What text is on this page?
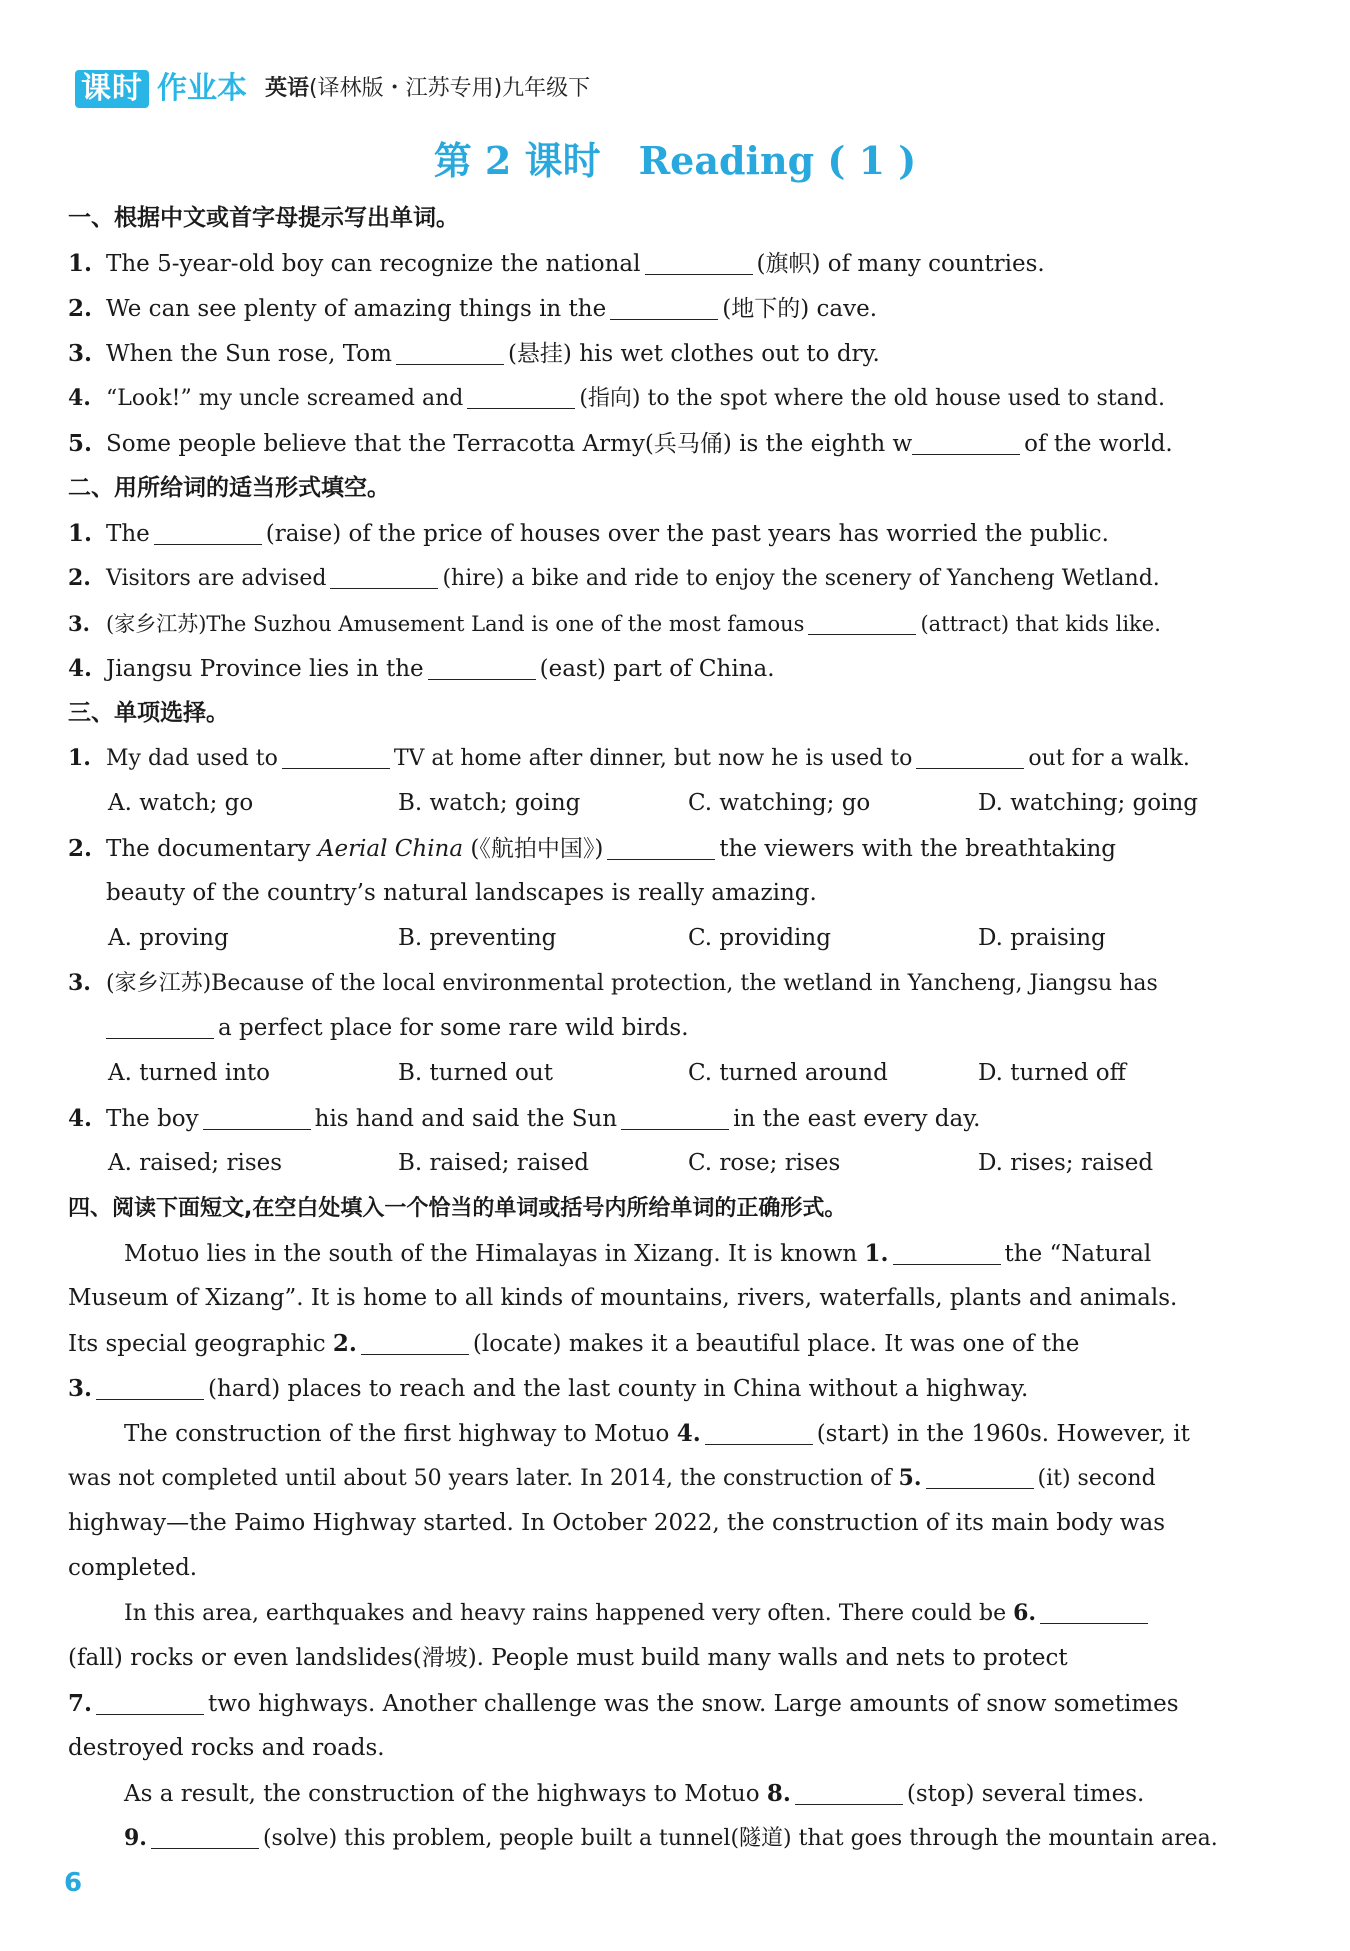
课时 作业本 英语(译林版・江苏专用)九年级下
第 2 课时　Reading ( 1 )
一、根据中文或首字母提示写出单词。
1. The 5-year-old boy can recognize the national	(旗帜) of many countries.
2. We can see plenty of amazing things in the	(地下的) cave.
3. When the Sun rose, Tom	(悬挂) his wet clothes out to dry.
4. “Look!” my uncle screamed and	(指向) to the spot where the old house used to stand.
5. Some people believe that the Terracotta Army(兵马俑) is the eighth w	of the world.
二、用所给词的适当形式填空。
1. The	(raise) of the price of houses over the past years has worried the public.
2. Visitors are advised	(hire) a bike and ride to enjoy the scenery of Yancheng Wetland.
3. (家乡江苏)The Suzhou Amusement Land is one of the most famous	(attract) that kids like.
4. Jiangsu Province lies in the	(east) part of China.
三、单项选择。
1. My dad used to	TV at home after dinner, but now he is used to	out for a walk.
A. watch; go	B. watch; going	C. watching; go	D. watching; going
2. The documentary Aerial China (《航拍中国》)	the viewers with the breathtaking
beauty of the country’s natural landscapes is really amazing.
A. proving	B. preventing	C. providing	D. praising
3. (家乡江苏)Because of the local environmental protection, the wetland in Yancheng, Jiangsu has
a perfect place for some rare wild birds.
A. turned into	B. turned out	C. turned around	D. turned off
4. The boy	his hand and said the Sun	in the east every day.
A. raised; rises	B. raised; raised	C. rose; rises	D. rises; raised
四、阅读下面短文,在空白处填入一个恰当的单词或括号内所给单词的正确形式。
Motuo lies in the south of the Himalayas in Xizang. It is known 1.	the “Natural
Museum of Xizang”. It is home to all kinds of mountains, rivers, waterfalls, plants and animals.
Its special geographic 2.	(locate) makes it a beautiful place. It was one of the
3.	(hard) places to reach and the last county in China without a highway.
The construction of the first highway to Motuo 4.	(start) in the 1960s. However, it
was not completed until about 50 years later. In 2014, the construction of 5.	(it) second
highway—the Paimo Highway started. In October 2022, the construction of its main body was
completed.
In this area, earthquakes and heavy rains happened very often. There could be 6.
(fall) rocks or even landslides(滑坡). People must build many walls and nets to protect
7.	two highways. Another challenge was the snow. Large amounts of snow sometimes
destroyed rocks and roads.
As a result, the construction of the highways to Motuo 8.	(stop) several times.
9.	(solve) this problem, people built a tunnel(隧道) that goes through the mountain area.
6
